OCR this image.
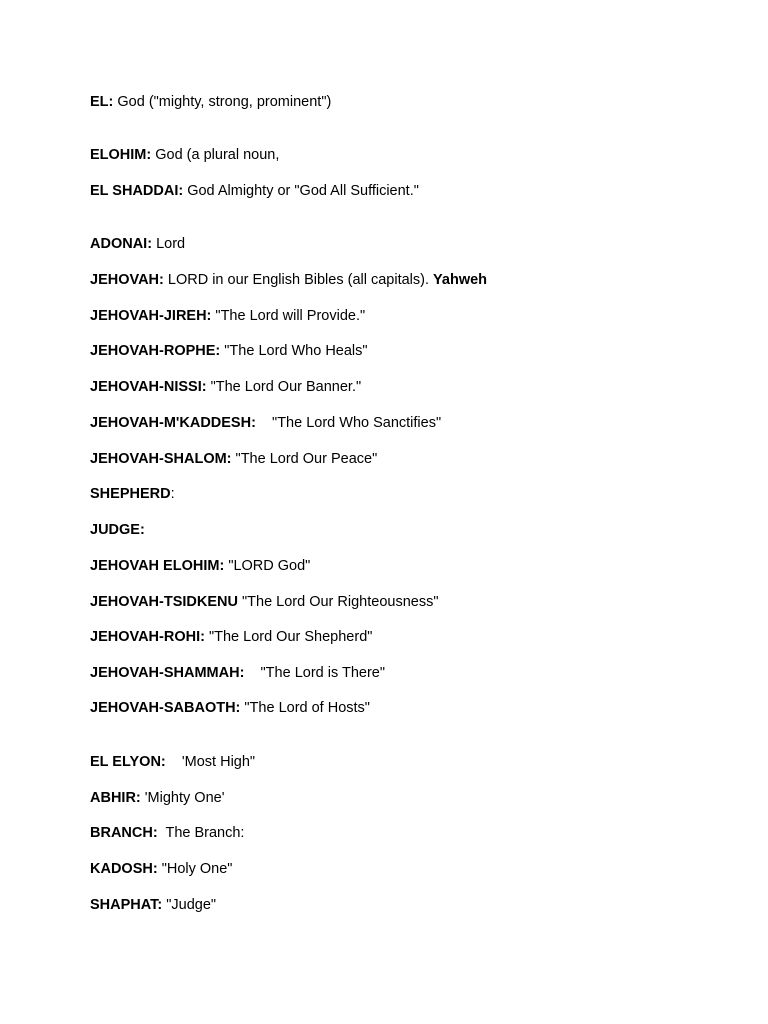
EL: God ("mighty, strong, prominent")
ELOHIM: God (a plural noun,
EL SHADDAI: God Almighty or "God All Sufficient."
ADONAI: Lord
JEHOVAH: LORD in our English Bibles (all capitals). Yahweh
JEHOVAH-JIREH: "The Lord will Provide."
JEHOVAH-ROPHE: "The Lord Who Heals"
JEHOVAH-NISSI: "The Lord Our Banner."
JEHOVAH-M'KADDESH: "The Lord Who Sanctifies"
JEHOVAH-SHALOM: "The Lord Our Peace"
SHEPHERD:
JUDGE:
JEHOVAH ELOHIM: "LORD God"
JEHOVAH-TSIDKENU "The Lord Our Righteousness"
JEHOVAH-ROHI: "The Lord Our Shepherd"
JEHOVAH-SHAMMAH: "The Lord is There"
JEHOVAH-SABAOTH: "The Lord of Hosts"
EL ELYON: 'Most High"
ABHIR: 'Mighty One'
BRANCH: The Branch:
KADOSH: "Holy One"
SHAPHAT: "Judge"
